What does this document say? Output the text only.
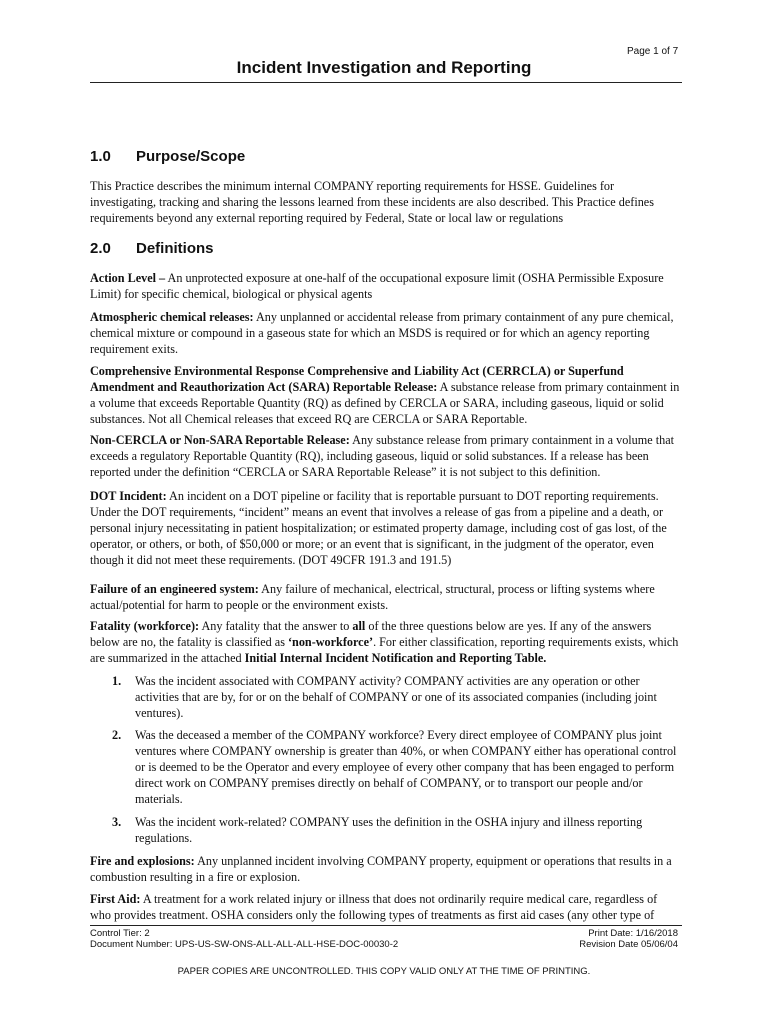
Page 1 of 7
Incident Investigation and Reporting
1.0 Purpose/Scope

This Practice describes the minimum internal COMPANY reporting requirements for HSSE. Guidelines for investigating, tracking and sharing the lessons learned from these incidents are also described. This Practice defines requirements beyond any external reporting required by Federal, State or local law or regulations

2.0 Definitions

Action Level – An unprotected exposure at one-half of the occupational exposure limit (OSHA Permissible Exposure Limit) for specific chemical, biological or physical agents

Atmospheric chemical releases: Any unplanned or accidental release from primary containment of any pure chemical, chemical mixture or compound in a gaseous state for which an MSDS is required or for which an agency reporting requirement exits.

Comprehensive Environmental Response Comprehensive and Liability Act (CERRCLA) or Superfund Amendment and Reauthorization Act (SARA) Reportable Release: A substance release from primary containment in a volume that exceeds Reportable Quantity (RQ) as defined by CERCLA or SARA, including gaseous, liquid or solid substances. Not all Chemical releases that exceed RQ are CERCLA or SARA Reportable.

Non-CERCLA or Non-SARA Reportable Release: Any substance release from primary containment in a volume that exceeds a regulatory Reportable Quantity (RQ), including gaseous, liquid or solid substances. If a release has been reported under the definition “CERCLA or SARA Reportable Release” it is not subject to this definition.

DOT Incident: An incident on a DOT pipeline or facility that is reportable pursuant to DOT reporting requirements. Under the DOT requirements, “incident” means an event that involves a release of gas from a pipeline and a death, or personal injury necessitating in patient hospitalization; or estimated property damage, including cost of gas lost, of the operator, or others, or both, of $50,000 or more; or an event that is significant, in the judgment of the operator, even though it did not meet these requirements. (DOT 49CFR 191.3 and 191.5)

Failure of an engineered system: Any failure of mechanical, electrical, structural, process or lifting systems where actual/potential for harm to people or the environment exists.

Fatality (workforce): Any fatality that the answer to all of the three questions below are yes. If any of the answers below are no, the fatality is classified as ‘non-workforce’. For either classification, reporting requirements exists, which are summarized in the attached Initial Internal Incident Notification and Reporting Table.

1. Was the incident associated with COMPANY activity? COMPANY activities are any operation or other activities that are by, for or on the behalf of COMPANY or one of its associated companies (including joint ventures).
2. Was the deceased a member of the COMPANY workforce? Every direct employee of COMPANY plus joint ventures where COMPANY ownership is greater than 40%, or when COMPANY either has operational control or is deemed to be the Operator and every employee of every other company that has been engaged to perform direct work on COMPANY premises directly on behalf of COMPANY, or to transport our people and/or materials.
3. Was the incident work-related? COMPANY uses the definition in the OSHA injury and illness reporting regulations.

Fire and explosions: Any unplanned incident involving COMPANY property, equipment or operations that results in a combustion resulting in a fire or explosion.

First Aid: A treatment for a work related injury or illness that does not ordinarily require medical care, regardless of who provides treatment. OSHA considers only the following types of treatments as first aid cases (any other type of

Control Tier: 2
Document Number: UPS-US-SW-ONS-ALL-ALL-ALL-HSE-DOC-00030-2
Print Date: 1/16/2018
Revision Date 05/06/04
PAPER COPIES ARE UNCONTROLLED. THIS COPY VALID ONLY AT THE TIME OF PRINTING.
